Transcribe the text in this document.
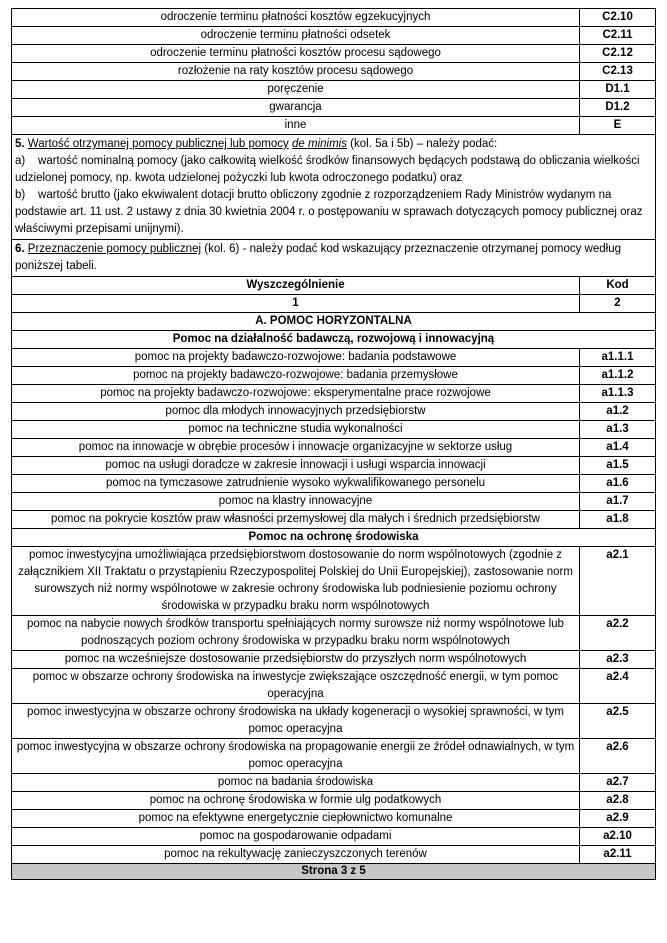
odroczenie terminu płatności kosztów egzekucyjnych	C2.10
odroczenie terminu płatności odsetek	C2.11
odroczenie terminu płatności kosztów procesu sądowego	C2.12
rozłożenie na raty kosztów procesu sądowego	C2.13
poręczenie	D1.1
gwarancja	D1.2
inne	E

5. Wartość otrzymanej pomocy publicznej lub pomocy de minimis (kol. 5a i 5b) – należy podać:
a) wartość nominalną pomocy (jako całkowitą wielkość środków finansowych będących podstawą do obliczania wielkości udzielonej pomocy, np. kwota udzielonej pożyczki lub kwota odroczonego podatku) oraz
b) wartość brutto (jako ekwiwalent dotacji brutto obliczony zgodnie z rozporządzeniem Rady Ministrów wydanym na podstawie art. 11 ust. 2 ustawy z dnia 30 kwietnia 2004 r. o postępowaniu w sprawach dotyczących pomocy publicznej oraz właściwymi przepisami unijnymi).	

6. Przeznaczenie pomocy publicznej (kol. 6) - należy podać kod wskazujący przeznaczenie otrzymanej pomocy według poniższej tabeli.	
Wyszczególnienie	Kod
1	2
A. POMOC HORYZONTALNA	
Pomoc na działalność badawczą, rozwojową i innowacyjną	
pomoc na projekty badawczo-rozwojowe: badania podstawowe	a1.1.1
pomoc na projekty badawczo-rozwojowe: badania przemysłowe	a1.1.2
pomoc na projekty badawczo-rozwojowe: eksperymentalne prace rozwojowe	a1.1.3
pomoc dla młodych innowacyjnych przedsiębiorstw	a1.2
pomoc na techniczne studia wykonalności	a1.3
pomoc na innowacje w obrębie procesów i innowacje organizacyjne w sektorze usług	a1.4
pomoc na usługi doradcze w zakresie innowacji i usługi wsparcia innowacji	a1.5
pomoc na tymczasowe zatrudnienie wysoko wykwalifikowanego personelu	a1.6
pomoc na klastry innowacyjne	a1.7
pomoc na pokrycie kosztów praw własności przemysłowej dla małych i średnich przedsiębiorstw	a1.8
Pomoc na ochronę środowiska	
pomoc inwestycyjna umożliwiająca przedsiębiorstwom dostosowanie do norm wspólnotowych (zgodnie z załącznikiem XII Traktatu o przystąpieniu Rzeczypospolitej Polskiej do Unii Europejskiej), zastosowanie norm surowszych niż normy wspólnotowe w zakresie ochrony środowiska lub podniesienie poziomu ochrony środowiska w przypadku braku norm wspólnotowych	a2.1
pomoc na nabycie nowych środków transportu spełniających normy surowsze niż normy wspólnotowe lub podnoszących poziom ochrony środowiska w przypadku braku norm wspólnotowych	a2.2
pomoc na wcześniejsze dostosowanie przedsiębiorstw do przyszłych norm wspólnotowych	a2.3
pomoc w obszarze ochrony środowiska na inwestycje zwiększające oszczędność energii, w tym pomoc operacyjna	a2.4
pomoc inwestycyjna w obszarze ochrony środowiska na układy kogeneracji o wysokiej sprawności, w tym pomoc operacyjna	a2.5
pomoc inwestycyjna w obszarze ochrony środowiska na propagowanie energii ze źródeł odnawialnych, w tym pomoc operacyjna	a2.6
pomoc na badania środowiska	a2.7
pomoc na ochronę środowiska w formie ulg podatkowych	a2.8
pomoc na efektywne energetycznie ciepłownictwo komunalne	a2.9
pomoc na gospodarowanie odpadami	a2.10
pomoc na rekultywację zanieczyszczonych terenów	a2.11
Strona 3 z 5	
